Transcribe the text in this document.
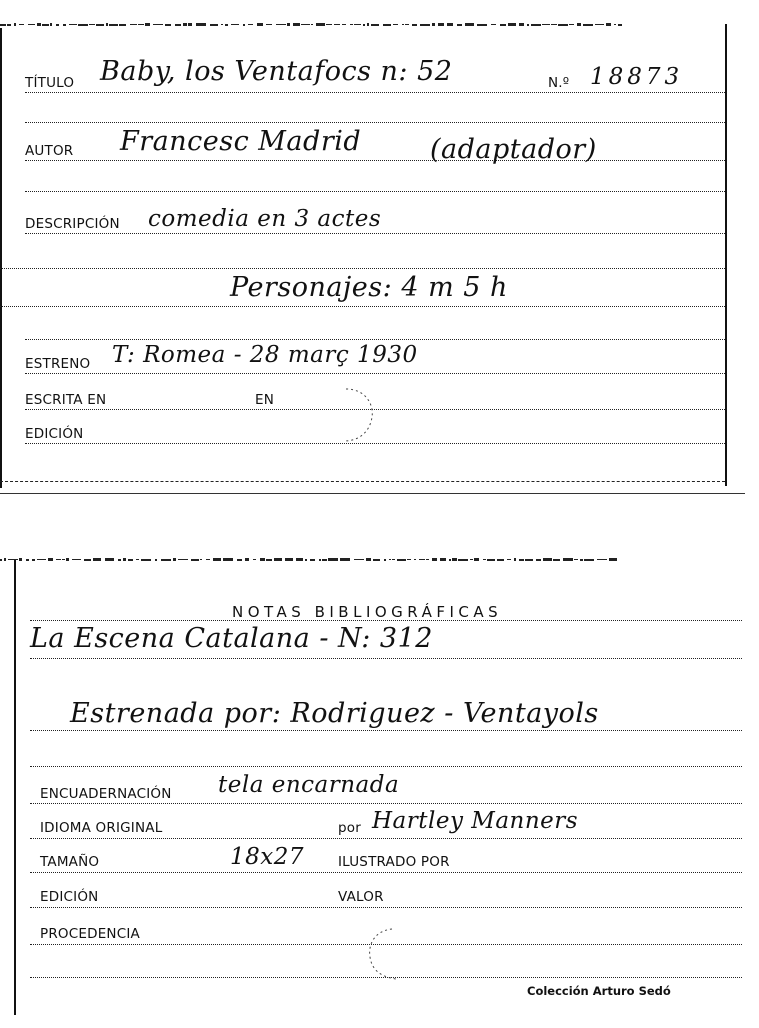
TÍTULO Baby, los Ventafocs n: 52	N.º 18873
AUTOR Francesc Madrid	(adaptador)
DESCRIPCIÓN comedia en 3 actes
Personajes: 4 m 5 h
ESTRENO T: Romea - 28 març 1930
ESCRITA EN	EN
EDICIÓN
NOTAS BIBLIOGRÁFICAS
La Escena Catalana - N: 312
Estrenada por: Rodriguez - Ventayols
ENCUADERNACIÓN tela encarnada
IDIOMA ORIGINAL	por Hartley Manners
TAMAÑO	18x27	ILUSTRADO POR
EDICIÓN	VALOR
PROCEDENCIA
Colección Arturo Sedó
